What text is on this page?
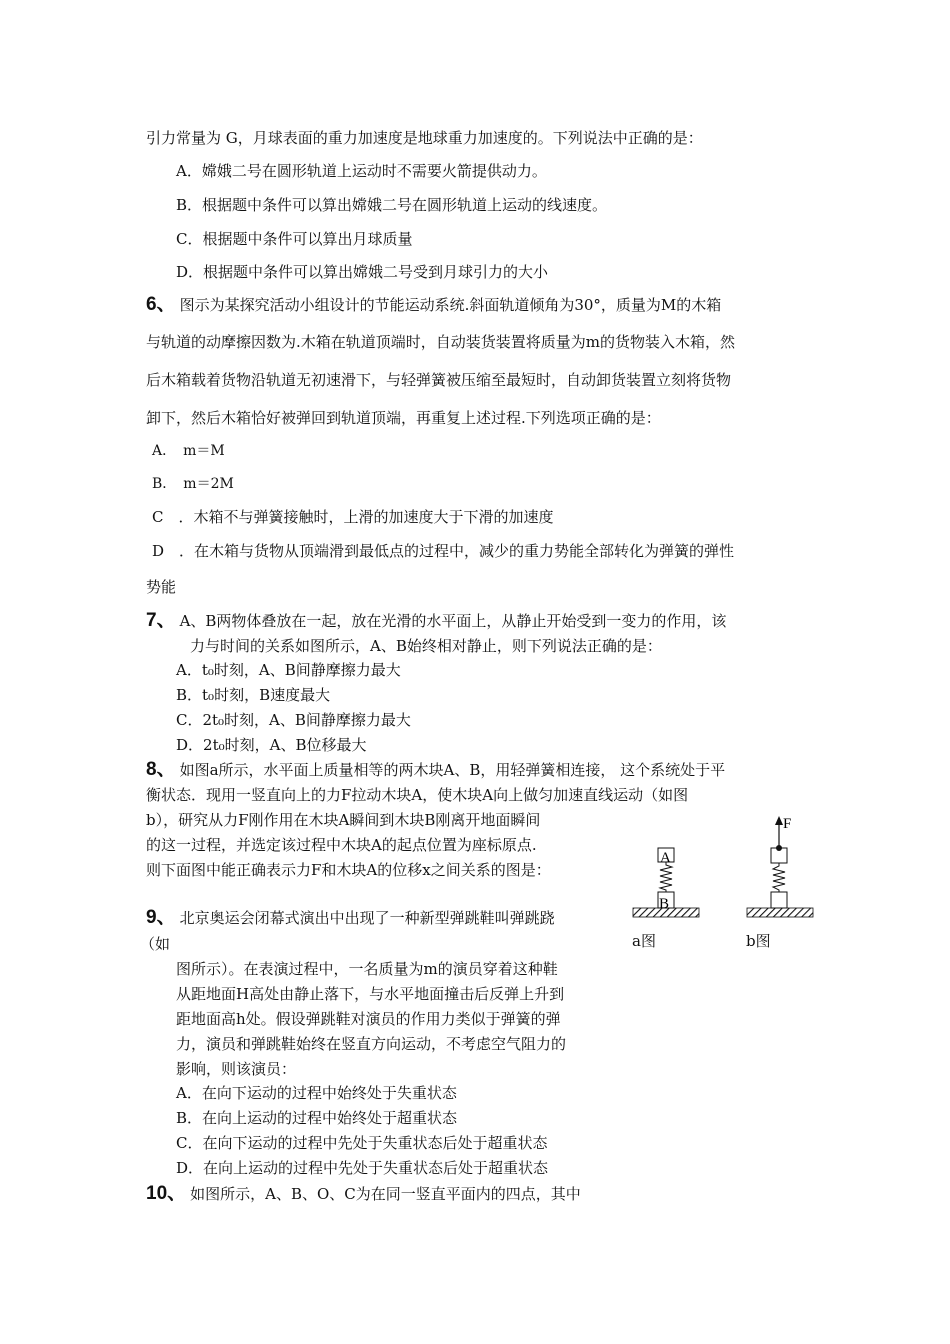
引力常量为 G，月球表面的重力加速度是地球重力加速度的。下列说法中正确的是：
A．嫦娥二号在圆形轨道上运动时不需要火箭提供动力。
B．根据题中条件可以算出嫦娥二号在圆形轨道上运动的线速度。
C．根据题中条件可以算出月球质量
D．根据题中条件可以算出嫦娥二号受到月球引力的大小
6、 图示为某探究活动小组设计的节能运动系统.斜面轨道倾角为30°，质量为M的木箱
与轨道的动摩擦因数为.木箱在轨道顶端时，自动装货装置将质量为m的货物装入木箱，然
后木箱载着货物沿轨道无初速滑下，与轻弹簧被压缩至最短时，自动卸货装置立刻将货物
卸下，然后木箱恰好被弹回到轨道顶端，再重复上述过程.下列选项正确的是：
A．　m＝M
B．　m＝2M
C　．木箱不与弹簧接触时，上滑的加速度大于下滑的加速度
D　．在木箱与货物从顶端滑到最低点的过程中，减少的重力势能全部转化为弹簧的弹性
势能
7、 A、B两物体叠放在一起，放在光滑的水平面上，从静止开始受到一变力的作用，该
力与时间的关系如图所示，A、B始终相对静止，则下列说法正确的是：
A．t₀时刻，A、B间静摩擦力最大
B．t₀时刻，B速度最大
C．2t₀时刻，A、B间静摩擦力最大
D．2t₀时刻，A、B位移最大
8、 如图a所示，水平面上质量相等的两木块A、B，用轻弹簧相连接， 这个系统处于平
衡状态．现用一竖直向上的力F拉动木块A，使木块A向上做匀加速直线运动（如图
b），研究从力F刚作用在木块A瞬间到木块B刚离开地面瞬间
的这一过程，并选定该过程中木块A的起点位置为座标原点.
则下面图中能正确表示力F和木块A的位移x之间关系的图是：
A
B
F
a图	b图
9、 北京奥运会闭幕式演出中出现了一种新型弹跳鞋叫弹跳跷
（如
图所示）。在表演过程中，一名质量为m的演员穿着这种鞋
从距地面H高处由静止落下，与水平地面撞击后反弹上升到
距地面高h处。假设弹跳鞋对演员的作用力类似于弹簧的弹
力，演员和弹跳鞋始终在竖直方向运动，不考虑空气阻力的
影响，则该演员：
A．在向下运动的过程中始终处于失重状态
B．在向上运动的过程中始终处于超重状态
C．在向下运动的过程中先处于失重状态后处于超重状态
D．在向上运动的过程中先处于失重状态后处于超重状态
10、 如图所示，A、B、O、C为在同一竖直平面内的四点，其中
